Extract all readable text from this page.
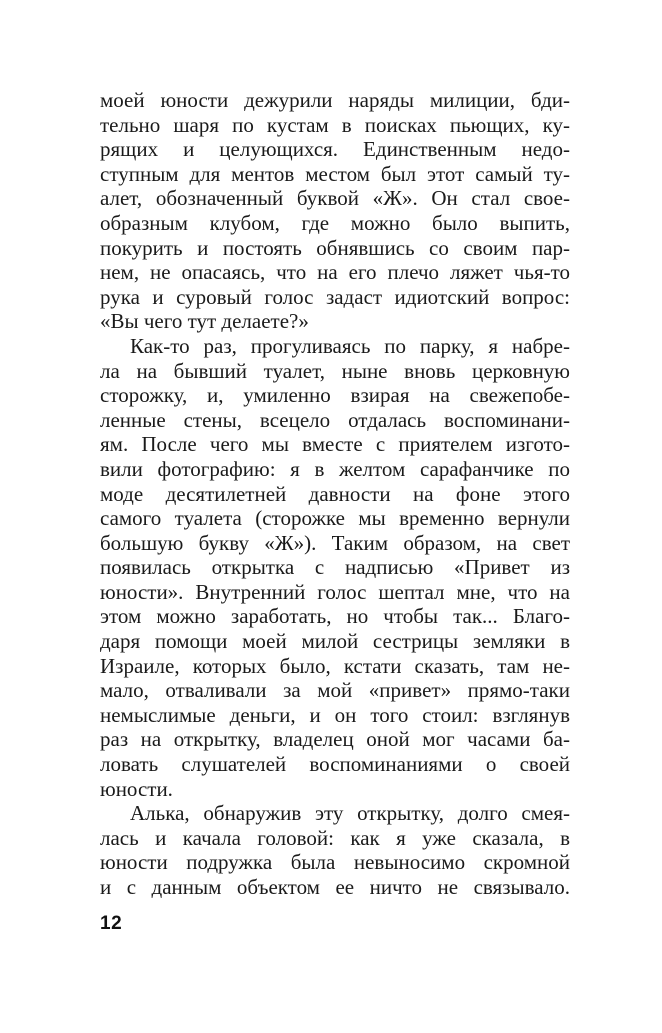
моей юности дежурили наряды милиции, бди-
тельно шаря по кустам в поисках пьющих, ку-
рящих и целующихся. Единственным недо-
ступным для ментов местом был этот самый ту-
алет, обозначенный буквой «Ж». Он стал свое-
образным клубом, где можно было выпить,
покурить и постоять обнявшись со своим пар-
нем, не опасаясь, что на его плечо ляжет чья-то
рука и суровый голос задаст идиотский вопрос:
«Вы чего тут делаете?»
Как-то раз, прогуливаясь по парку, я набре-
ла на бывший туалет, ныне вновь церковную
сторожку, и, умиленно взирая на свежепобе-
ленные стены, всецело отдалась воспоминани-
ям. После чего мы вместе с приятелем изгото-
вили фотографию: я в желтом сарафанчике по
моде десятилетней давности на фоне этого
самого туалета (сторожке мы временно вернули
большую букву «Ж»). Таким образом, на свет
появилась открытка с надписью «Привет из
юности». Внутренний голос шептал мне, что на
этом можно заработать, но чтобы так... Благо-
даря помощи моей милой сестрицы земляки в
Израиле, которых было, кстати сказать, там не-
мало, отваливали за мой «привет» прямо-таки
немыслимые деньги, и он того стоил: взглянув
раз на открытку, владелец оной мог часами ба-
ловать слушателей воспоминаниями о своей
юности.
Алька, обнаружив эту открытку, долго смея-
лась и качала головой: как я уже сказала, в
юности подружка была невыносимо скромной
и с данным объектом ее ничто не связывало.
12
